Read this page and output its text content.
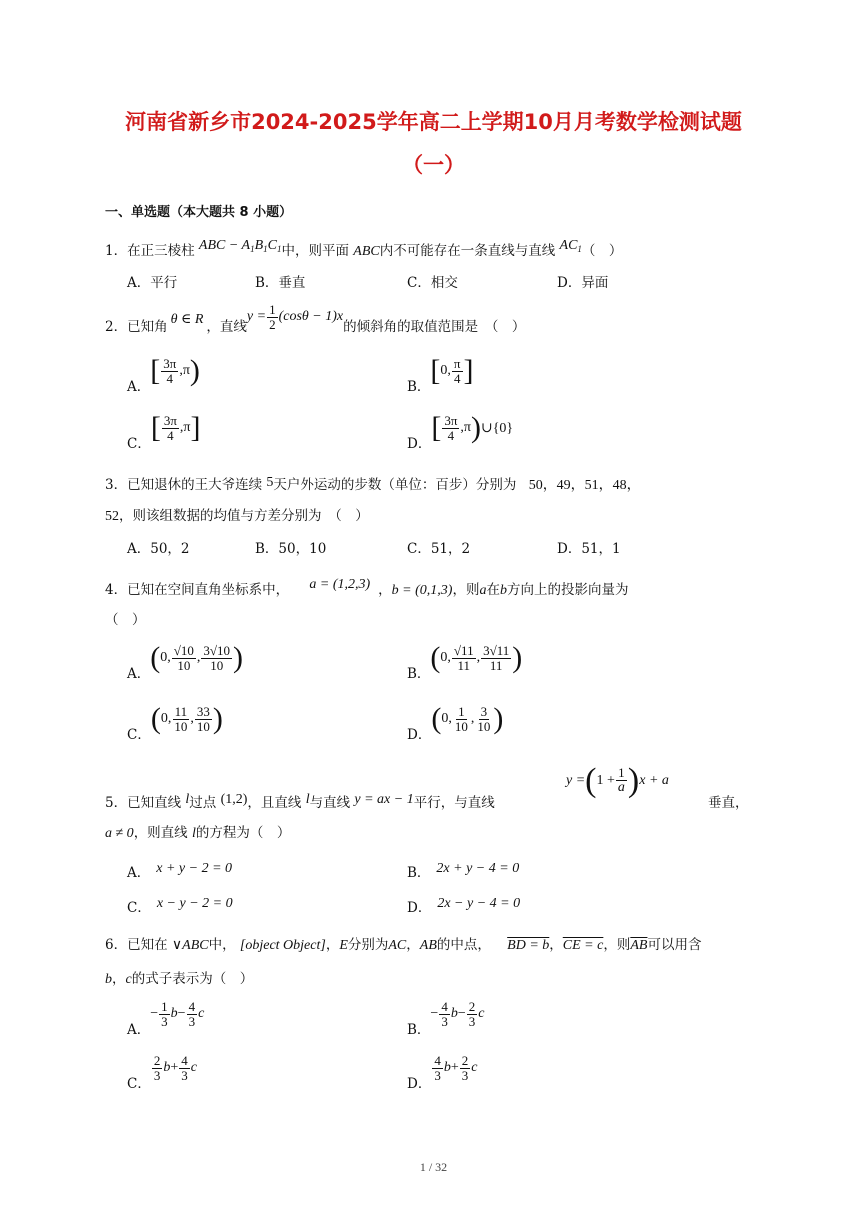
河南省新乡市2024-2025学年高二上学期10月月考数学检测试题
（一）
一、单选题（本大题共 8 小题）
1．在正三棱柱 ABC − $A_1B_1C_1$中，则平面 ABC内不可能存在一条直线与直线 $AC_1$（　）
A．平行	B．垂直	C．相交	D．异面
2． 已知角 θ ∈ R ，直线
$y = \frac{1}{2} (\cos\theta - 1)x$
的倾斜角的取值范围是　（　）
A． [ $\frac{3\pi}{4} ,\pi$ )	B． [ 0, $\frac{\pi}{4}$ ]
C． [ $\frac{3\pi}{4} ,\pi$ ]	D． [ $\frac{3\pi}{4} ,\pi$ ) ∪{0}
3．已知退休的王大爷连续 5天户外运动的步数（单位：百步）分别为 50，49，51，48，
52，则该组数据的均值与方差分别为　（　）
A．50，2	B．50，10	C．51，2	D．51，1
4．已知在空间直角坐标系中， a = (1,2,3) ，b = (0,1,3)，则a在b方向上的投影向量为
（　）
A． ( 0, $\frac{√10}{10}$ , $\frac{3√10}{10}$ )	B． ( 0, $\frac{√11}{11}$ , $\frac{3√11}{11}$ )
C． ( 0, $\frac{11}{10}$ , $\frac{33}{10}$ )	D． ( 0, $\frac{1}{10}$ , $\frac{3}{10}$ )
5．已知直线 l过点 (1,2)，且直线 l与直线 y = ax − 1平行，与直线
y = ( $1 + \frac{1}{a}$ ) x + a
垂直，
a ≠ 0，则直线 l的方程为（　）
A． x + y − 2 = 0	B． 2x + y − 4 = 0
C． x − y − 2 = 0	D． 2x − y − 4 = 0
6．已知在 ∨ABC中， [object Object]，E分别为AC，AB的中点， BD = b，CE = c，则$\overline{AB}$可以用含
b，c的式子表示为（　）
A．
− $\frac{1}{3}$ $b - \frac{4}{3}$ c
B．
− $\frac{4}{3}$ $b - \frac{2}{3}$ c
C．
$\frac{2}{3}$ $b + \frac{4}{3}$ c
D．
$\frac{4}{3}$ $b + \frac{2}{3}$ c
1 / 32
